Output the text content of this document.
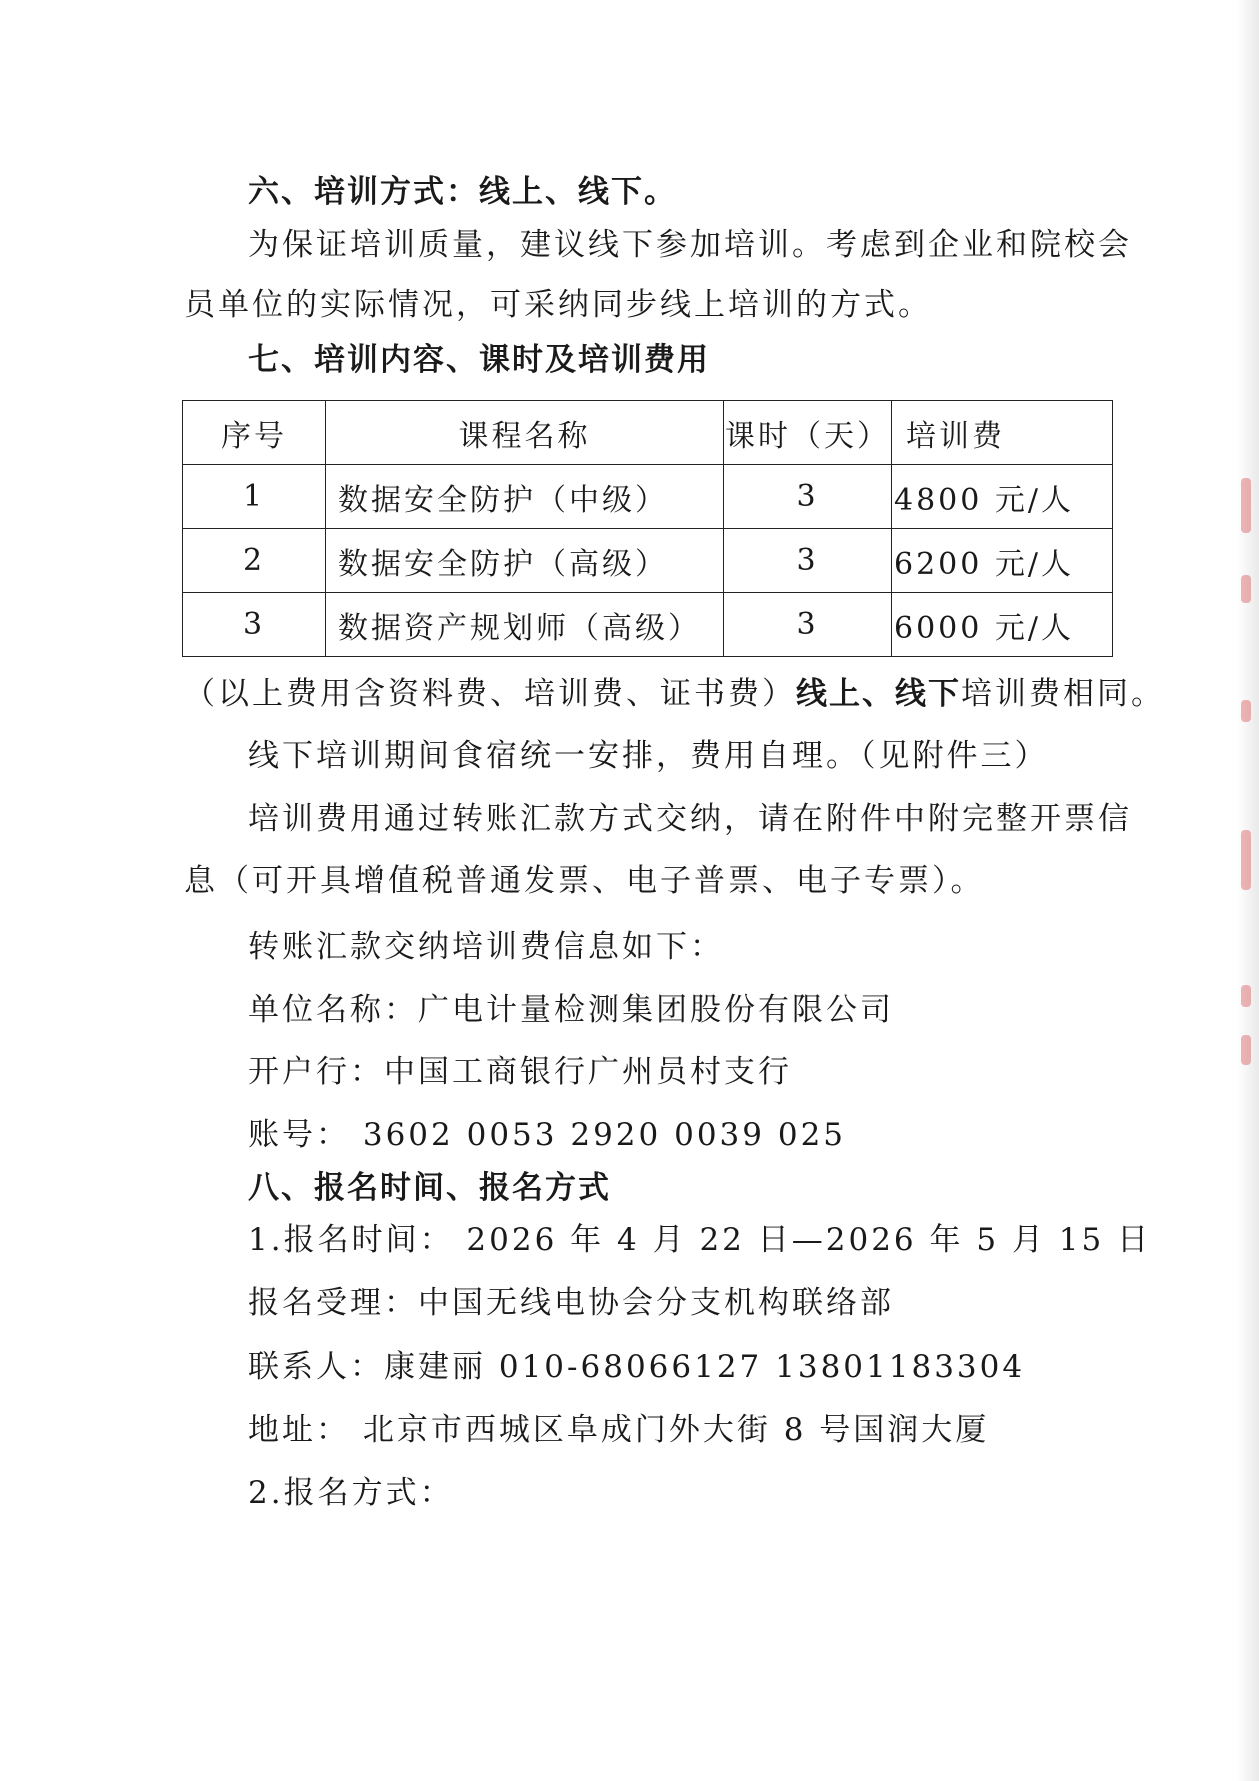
六、培训方式：线上、线下。
为保证培训质量，建议线下参加培训。考虑到企业和院校会
员单位的实际情况，可采纳同步线上培训的方式。
七、培训内容、课时及培训费用
序号	课程名称	课时（天）	培训费
1	数据安全防护（中级）	3	4800 元/人
2	数据安全防护（高级）	3	6200 元/人
3	数据资产规划师（高级）	3	6000 元/人
（以上费用含资料费、培训费、证书费）线上、线下培训费相同。
线下培训期间食宿统一安排，费用自理。（见附件三）
培训费用通过转账汇款方式交纳，请在附件中附完整开票信
息（可开具增值税普通发票、电子普票、电子专票）。
转账汇款交纳培训费信息如下：
单位名称：广电计量检测集团股份有限公司
开户行：中国工商银行广州员村支行
账号： 3602 0053 2920 0039 025
八、报名时间、报名方式
1.报名时间： 2026 年 4 月 22 日—2026 年 5 月 15 日
报名受理：中国无线电协会分支机构联络部
联系人：康建丽 010-68066127 13801183304
地址： 北京市西城区阜成门外大街 8 号国润大厦
2.报名方式：
